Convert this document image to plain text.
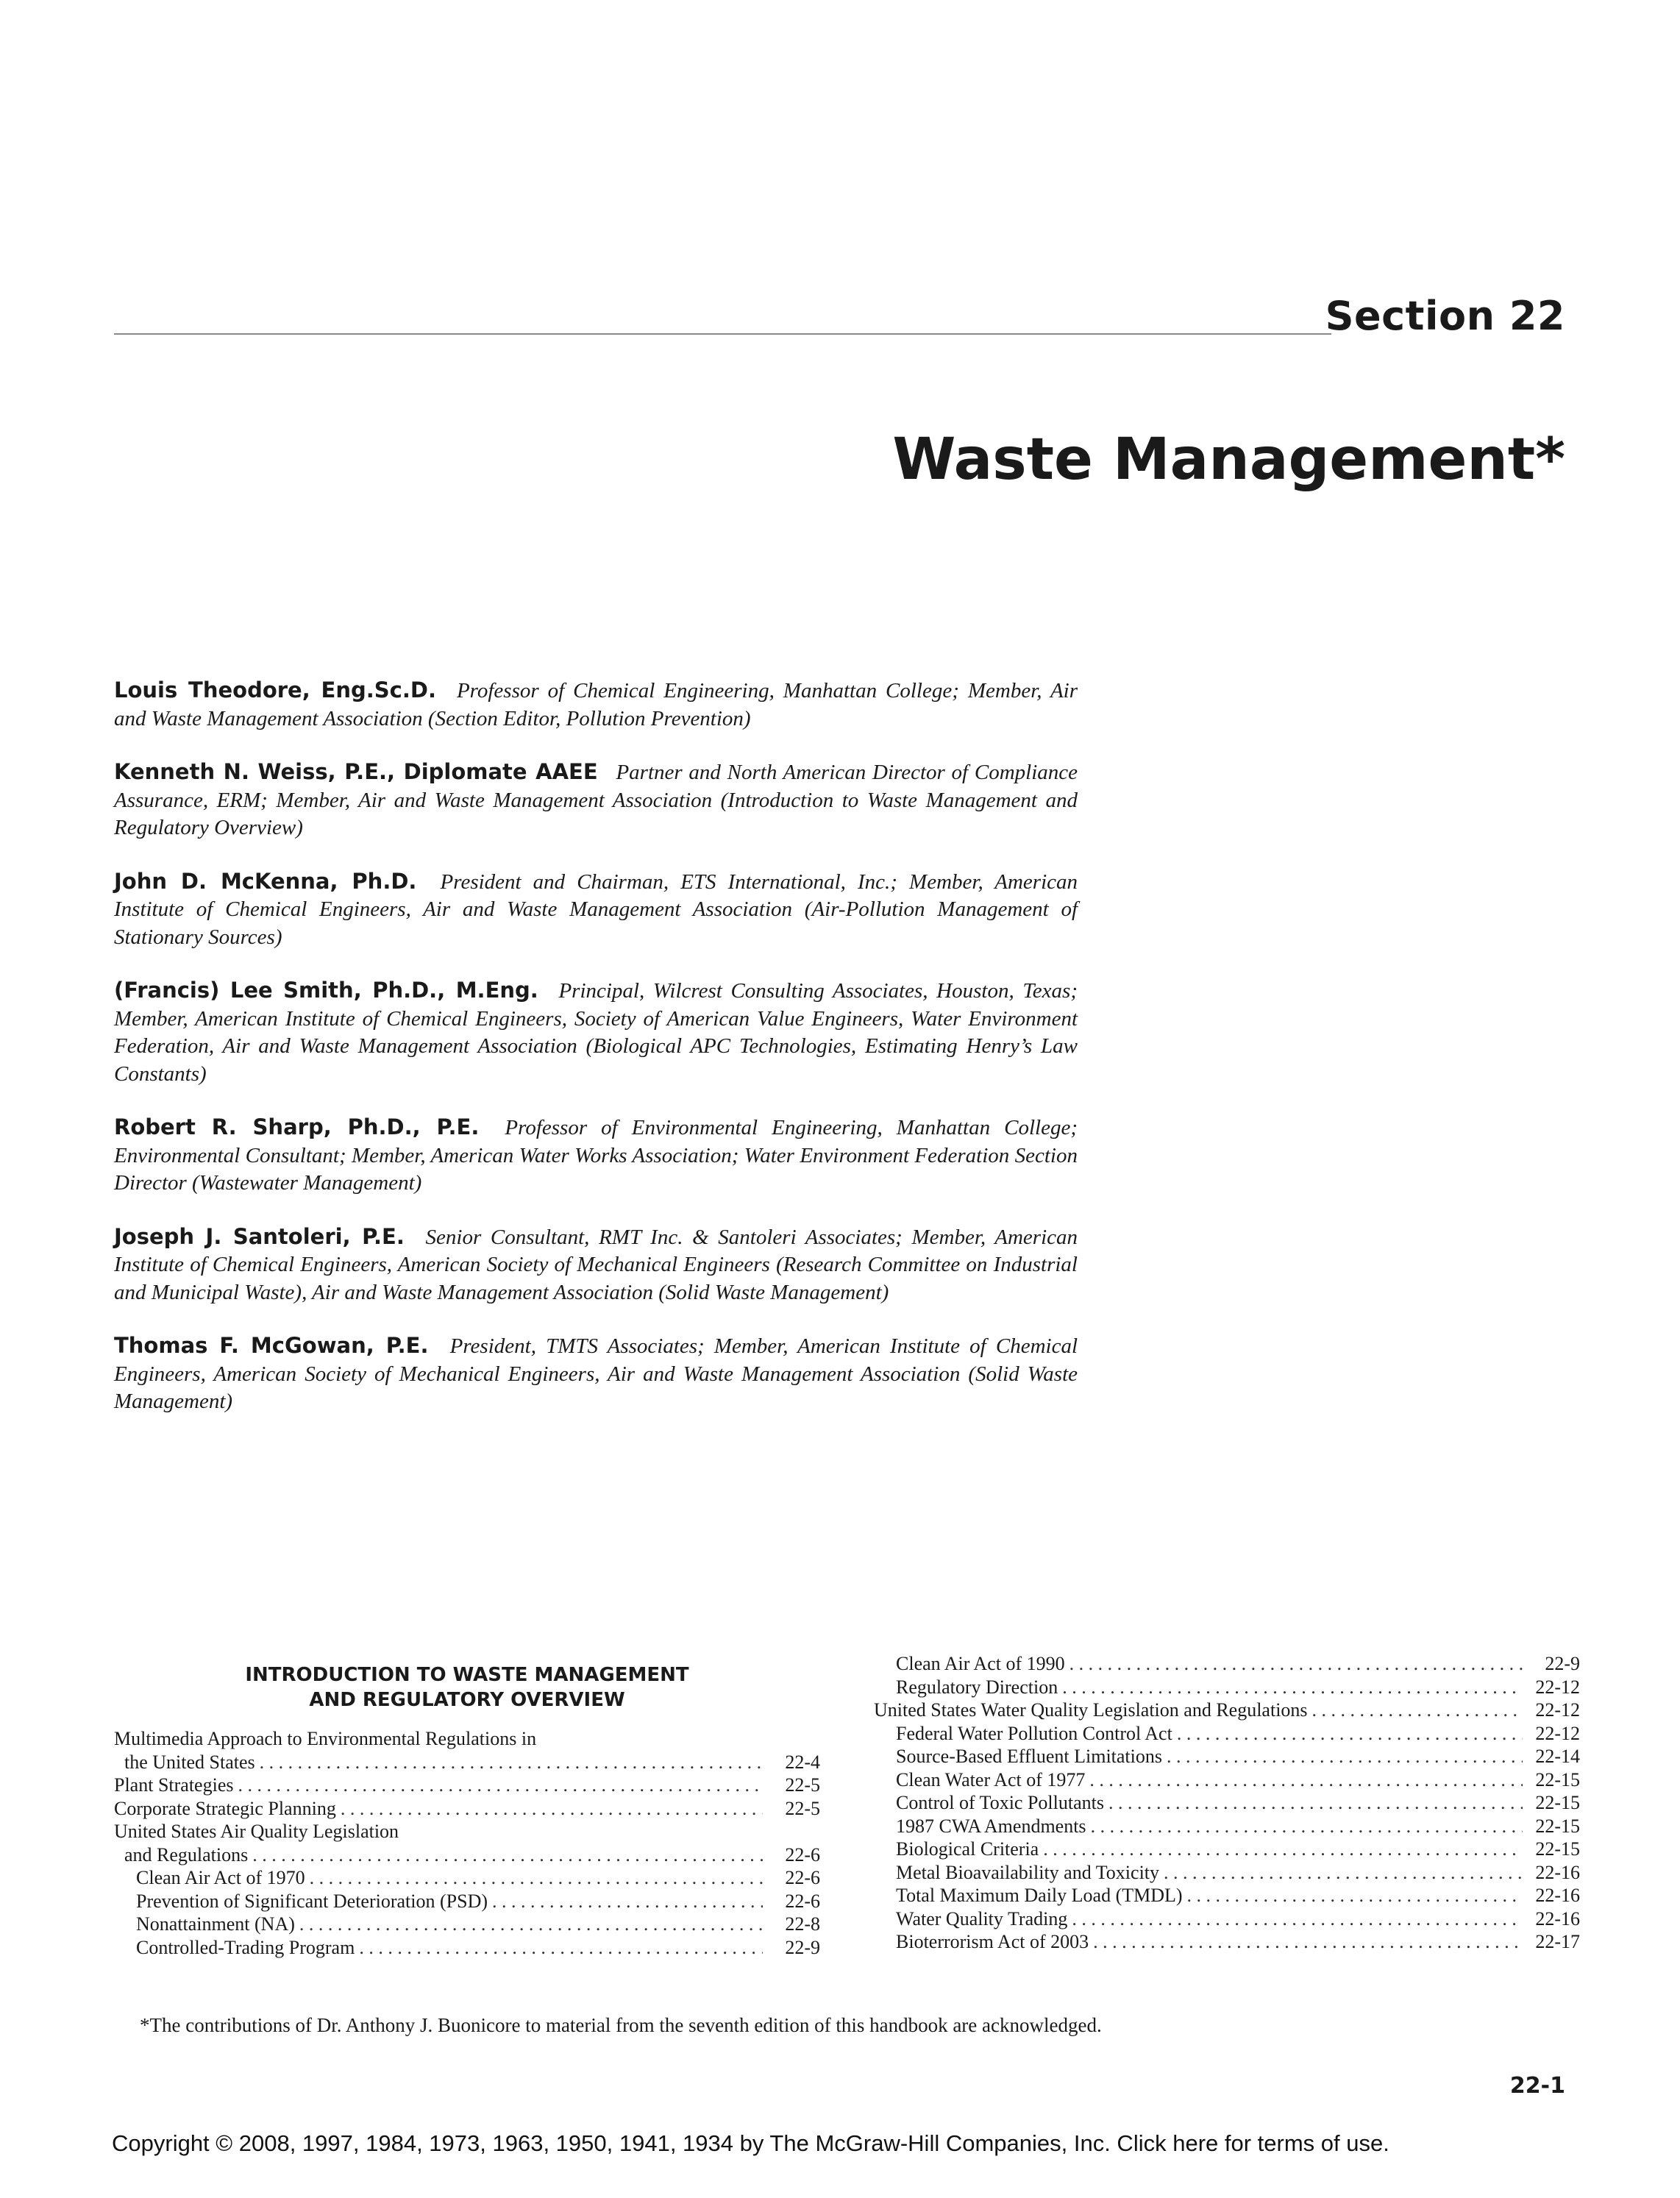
Section 22
Waste Management*

Louis Theodore, Eng.Sc.D. Professor of Chemical Engineering, Manhattan College; Member, Air and Waste Management Association (Section Editor, Pollution Prevention)

Kenneth N. Weiss, P.E., Diplomate AAEE Partner and North American Director of Compliance Assurance, ERM; Member, Air and Waste Management Association (Introduction to Waste Management and Regulatory Overview)

John D. McKenna, Ph.D. President and Chairman, ETS International, Inc.; Member, American Institute of Chemical Engineers, Air and Waste Management Association (Air-Pollution Management of Stationary Sources)

(Francis) Lee Smith, Ph.D., M.Eng. Principal, Wilcrest Consulting Associates, Houston, Texas; Member, American Institute of Chemical Engineers, Society of American Value Engineers, Water Environment Federation, Air and Waste Management Association (Biological APC Technologies, Estimating Henry’s Law Constants)

Robert R. Sharp, Ph.D., P.E. Professor of Environmental Engineering, Manhattan College; Environmental Consultant; Member, American Water Works Association; Water Environment Federation Section Director (Wastewater Management)

Joseph J. Santoleri, P.E. Senior Consultant, RMT Inc. & Santoleri Associates; Member, American Institute of Chemical Engineers, American Society of Mechanical Engineers (Research Committee on Industrial and Municipal Waste), Air and Waste Management Association (Solid Waste Management)

Thomas F. McGowan, P.E. President, TMTS Associates; Member, American Institute of Chemical Engineers, American Society of Mechanical Engineers, Air and Waste Management Association (Solid Waste Management)

INTRODUCTION TO WASTE MANAGEMENT
AND REGULATORY OVERVIEW
Multimedia Approach to Environmental Regulations in
the United States . . .	22-4
Plant Strategies . . .	22-5
Corporate Strategic Planning . . .	22-5
United States Air Quality Legislation
and Regulations . . .	22-6
Clean Air Act of 1970 . . .	22-6
Prevention of Significant Deterioration (PSD) . . .	22-6
Nonattainment (NA) . . .	22-8
Controlled-Trading Program . . .	22-9
Clean Air Act of 1990 . . .	22-9
Regulatory Direction . . .	22-12
United States Water Quality Legislation and Regulations . . .	22-12
Federal Water Pollution Control Act . . .	22-12
Source-Based Effluent Limitations . . .	22-14
Clean Water Act of 1977 . . .	22-15
Control of Toxic Pollutants . . .	22-15
1987 CWA Amendments . . .	22-15
Biological Criteria . . .	22-15
Metal Bioavailability and Toxicity . . .	22-16
Total Maximum Daily Load (TMDL) . . .	22-16
Water Quality Trading . . .	22-16
Bioterrorism Act of 2003 . . .	22-17
*The contributions of Dr. Anthony J. Buonicore to material from the seventh edition of this handbook are acknowledged.
22-1
Copyright © 2008, 1997, 1984, 1973, 1963, 1950, 1941, 1934 by The McGraw-Hill Companies, Inc. Click here for terms of use.
